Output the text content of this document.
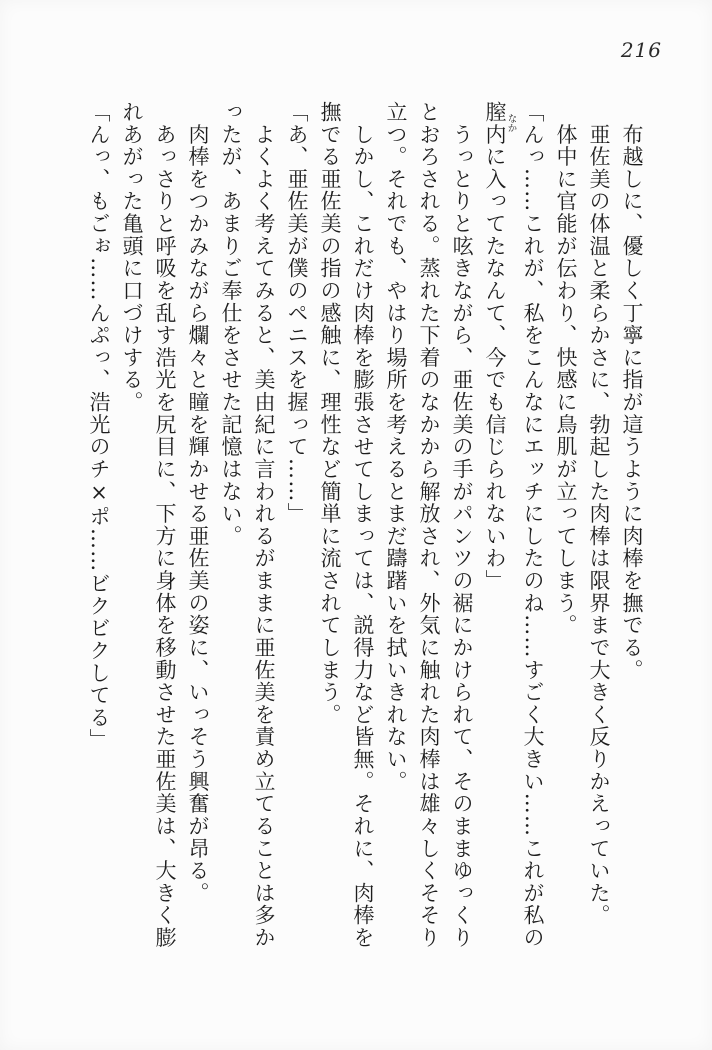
216

　布越しに、優しく丁寧に指が這うように肉棒を撫でる。

　亜佐美の体温と柔らかさに、勃起した肉棒は限界まで大きく反りかえっていた。

　体中に官能が伝わり、快感に鳥肌が立ってしまう。

「んっ……これが、私をこんなにエッチにしたのね……すごく大きい……これが私の
膣内なかに入ってたなんて、今でも信じられないわ」

　うっとりと呟きながら、亜佐美の手がパンツの裾にかけられて、そのままゆっくり
とおろされる。蒸れた下着のなかから解放され、外気に触れた肉棒は雄々しくそそり
立つ。それでも、やはり場所を考えるとまだ躊躇いを拭いきれない。

　しかし、これだけ肉棒を膨張させてしまっては、説得力など皆無。それに、肉棒を
撫でる亜佐美の指の感触に、理性など簡単に流されてしまう。

「あ、亜佐美が僕のペニスを握って……」

　よくよく考えてみると、美由紀に言われるがままに亜佐美を責め立てることは多か
ったが、あまりご奉仕をさせた記憶はない。

　肉棒をつかみながら爛々と瞳を輝かせる亜佐美の姿に、いっそう興奮が昂る。

　あっさりと呼吸を乱す浩光を尻目に、下方に身体を移動させた亜佐美は、大きく膨
れあがった亀頭に口づけする。

「んっ、もごぉ……んぷっ、浩光のチ×ポ……ビクビクしてる」
